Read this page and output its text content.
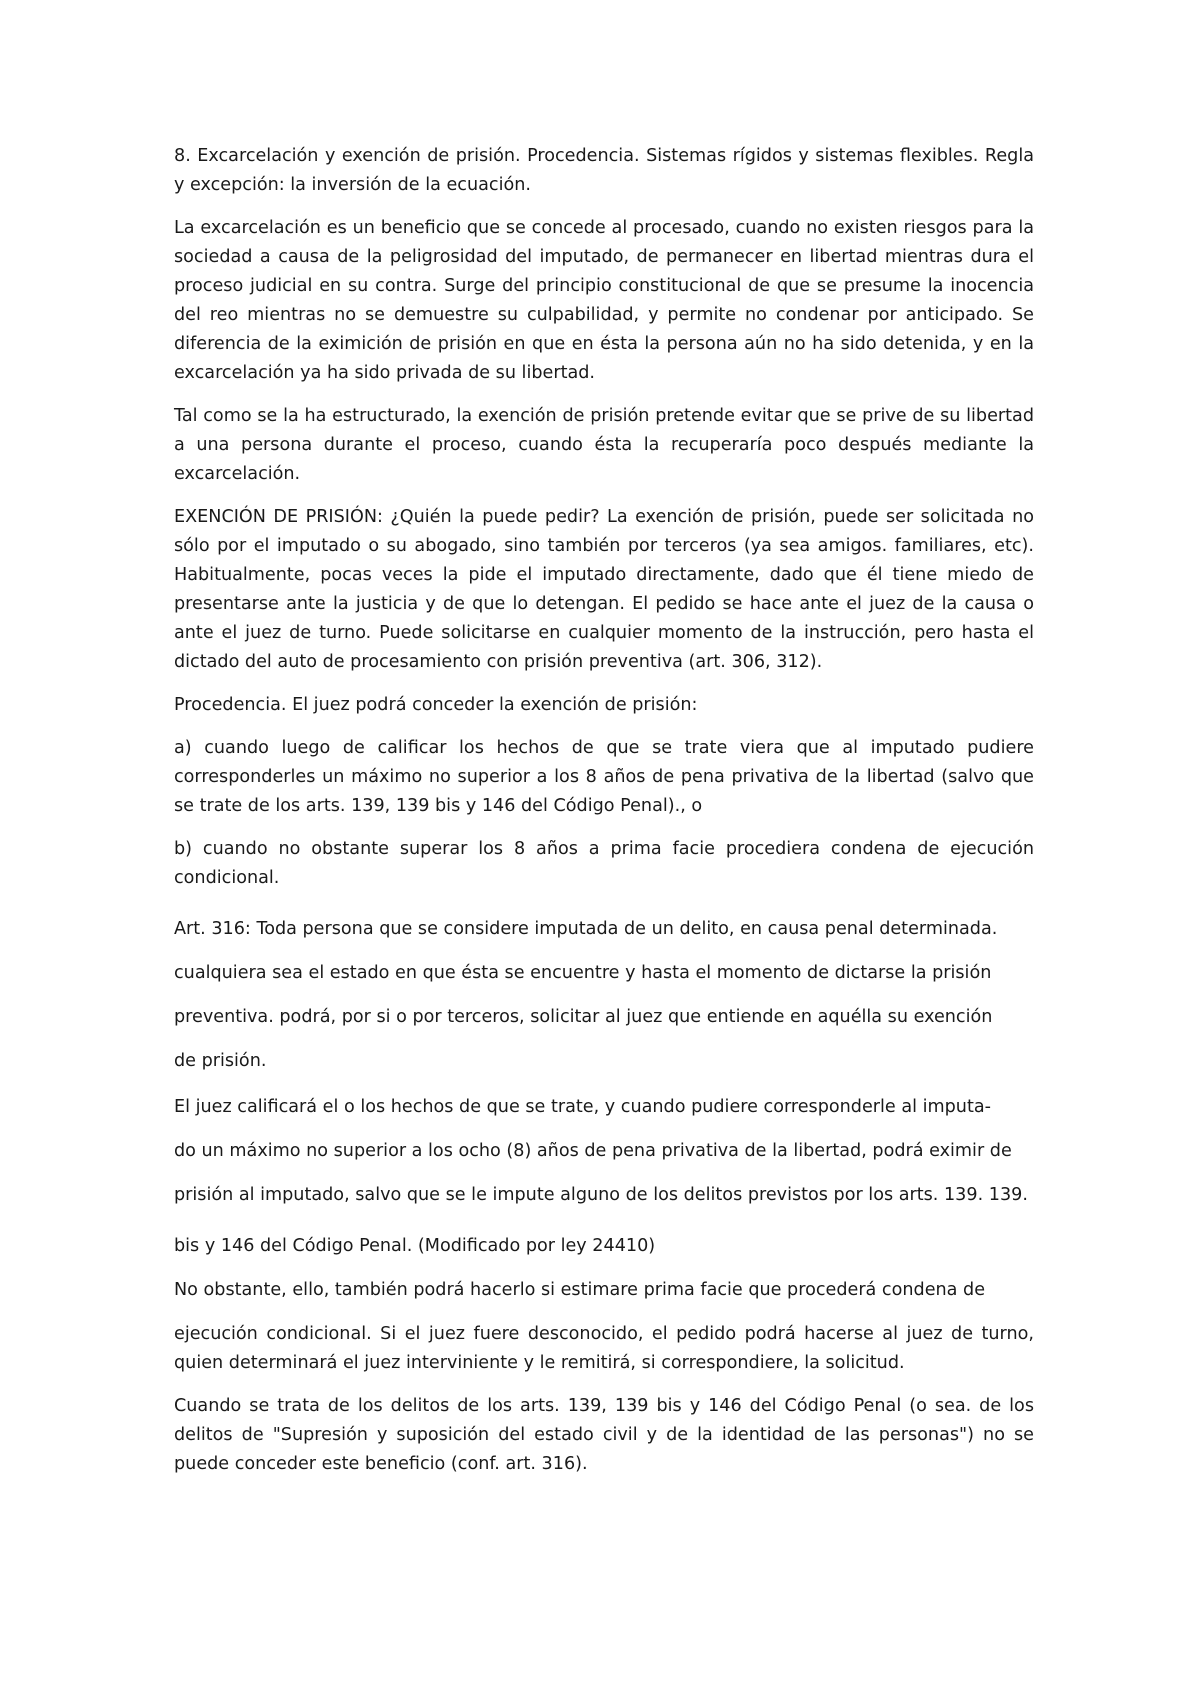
8. Excarcelación y exención de prisión. Procedencia. Sistemas rígidos y sistemas flexibles. Regla y excepción: la inversión de la ecuación.

La excarcelación es un beneficio que se concede al procesado, cuando no existen riesgos para la sociedad a causa de la peligrosidad del imputado, de permanecer en libertad mientras dura el proceso judicial en su contra. Surge del principio constitucional de que se presume la inocencia del reo mientras no se demuestre su culpabilidad, y permite no condenar por anticipado. Se diferencia de la eximición de prisión en que en ésta la persona aún no ha sido detenida, y en la excarcelación ya ha sido privada de su libertad.

Tal como se la ha estructurado, la exención de prisión pretende evitar que se prive de su libertad a una persona durante el proceso, cuando ésta la recuperaría poco después mediante la excarcelación.

EXENCIÓN DE PRISIÓN: ¿Quién la puede pedir? La exención de prisión, puede ser solicitada no sólo por el imputado o su abogado, sino también por terceros (ya sea amigos. familiares, etc). Habitualmente, pocas veces la pide el imputado directamente, dado que él tiene miedo de presentarse ante la justicia y de que lo detengan. El pedido se hace ante el juez de la causa o ante el juez de turno. Puede solicitarse en cualquier momento de la instrucción, pero hasta el dictado del auto de procesamiento con prisión preventiva (art. 306, 312).

Procedencia. El juez podrá conceder la exención de prisión:

a) cuando luego de calificar los hechos de que se trate viera que al imputado pudiere corresponderles un máximo no superior a los 8 años de pena privativa de la libertad (salvo que se trate de los arts. 139, 139 bis y 146 del Código Penal)., o

b) cuando no obstante superar los 8 años a prima facie procediera condena de ejecución condicional.

Art. 316: Toda persona que se considere imputada de un delito, en causa penal determinada.

cualquiera sea el estado en que ésta se encuentre y hasta el momento de dictarse la prisión

preventiva. podrá, por si o por terceros, solicitar al juez que entiende en aquélla su exención

de prisión.

El juez calificará el o los hechos de que se trate, y cuando pudiere corresponderle al imputa-

do un máximo no superior a los ocho (8) años de pena privativa de la libertad, podrá eximir de

prisión al imputado, salvo que se le impute alguno de los delitos previstos por los arts. 139. 139.

bis y 146 del Código Penal. (Modificado por ley 24410)

No obstante, ello, también podrá hacerlo si estimare prima facie que procederá condena de

ejecución condicional. Si el juez fuere desconocido, el pedido podrá hacerse al juez de turno, quien determinará el juez interviniente y le remitirá, si correspondiere, la solicitud.

Cuando se trata de los delitos de los arts. 139, 139 bis y 146 del Código Penal (o sea. de los delitos de "Supresión y suposición del estado civil y de la identidad de las personas") no se puede conceder este beneficio (conf. art. 316).
